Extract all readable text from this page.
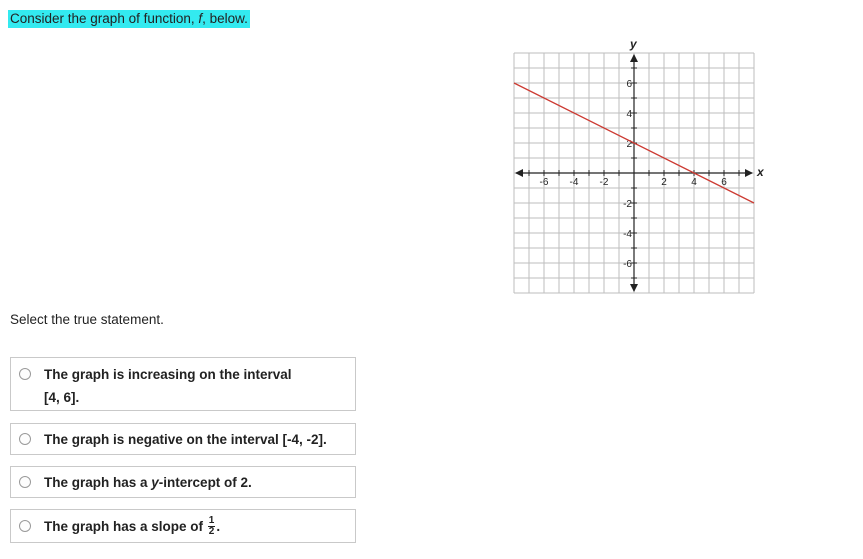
Consider the graph of function, f, below.
-6 -4 -2	2 4 6
6
4
2
-2
-4
-6
x
y
Select the true statement.
The graph is increasing on the interval
[4, 6].
The graph is negative on the interval [-4, -2].
The graph has a y-intercept of 2.
The graph has a slope of $\frac{1}{2}$ .
